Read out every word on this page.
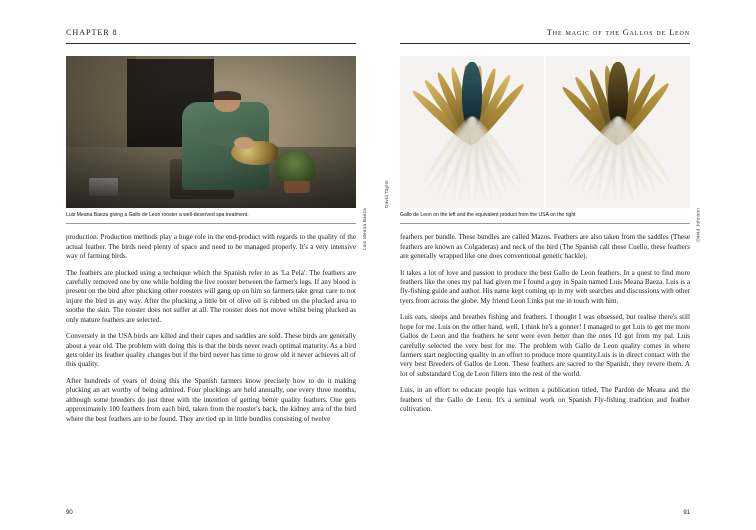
CHAPTER 8
Luis Meana Baeza
Luis Meana Baeza giving a Gallo de Leon rooster a well-deserved spa treatment.

production. Production methods play a huge role in the end-product with regards to the quality of the actual feather. The birds need plenty of space and need to be managed properly. It's a very intensive way of farming birds.

The feathers are plucked using a technique which the Spanish refer to as 'La Pela'. The feathers are carefully removed one by one while holding the live rooster between the farmer's legs. If any blood is present on the bird after plucking other roosters will gang up on him so farmers take great care to not injure the bird in any way. After the plucking a little bit of olive oil is rubbed on the plucked area to soothe the skin. The rooster does not suffer at all. The rooster does not move whilst being plucked as only mature feathers are selected.

Conversely in the USA birds are killed and their capes and saddles are sold. These birds are generally about a year old. The problem with doing this is that the birds never reach optimal maturity. As a bird gets older its feather quality changes but if the bird never has time to grow old it never achieves all of this quality.

After hundreds of years of doing this the Spanish farmers know precisely how to do it making plucking an art worthy of being admired. Four pluckings are held annually, one every three months, although some breeders do just three with the intention of getting better quality feathers. One gets approximately 100 feathers from each bird, taken from the rooster's back, the kidney area of the bird where the best feathers are to be found. They are tied up in little bundles consisting of twelve

90
The magic of the Gallos de Leon
David Taylor
David Johnson
Gallo de Leon on the left and the equivalent product from the USA on the right

feathers per bundle. These bundles are called Mazos. Feathers are also taken from the saddles (These feathers are known as Colgaderas) and neck of the bird (The Spanish call these Cuello, these feathers are generally wrapped like one does conventional genetic hackle).

It takes a lot of love and passion to produce the best Gallo de Leon feathers. In a quest to find more feathers like the ones my pal had given me I found a guy in Spain named Luis Meana Baeza. Luis is a fly-fishing guide and author. His name kept coming up in my web searches and discussions with other tyers from across the globe. My friend Leon Links put me in touch with him.

Luis eats, sleeps and breathes fishing and feathers. I thought I was obsessed, but realise there's still hope for me. Luis on the other hand, well, I think he's a gonner! I managed to get Luis to get me more Gallos de Leon and the feathers he sent were even better than the ones I'd got from my pal. Luis carefully selected the very best for me. The problem with Gallo de Leon quality comes in where farmers start neglecting quality in an effort to produce more quantity.Luis is in direct contact with the very best Breeders of Gallos de Leon. These feathers are sacred to the Spanish, they revere them. A lot of substandard Cog de Leon filters into the rest of the world.

Luis, in an effort to educate people has written a publication titled, The Pardón de Meana and the feathers of the Gallo de Leon. It's a seminal work on Spanish Fly-fishing tradition and feather cultivation.

91
